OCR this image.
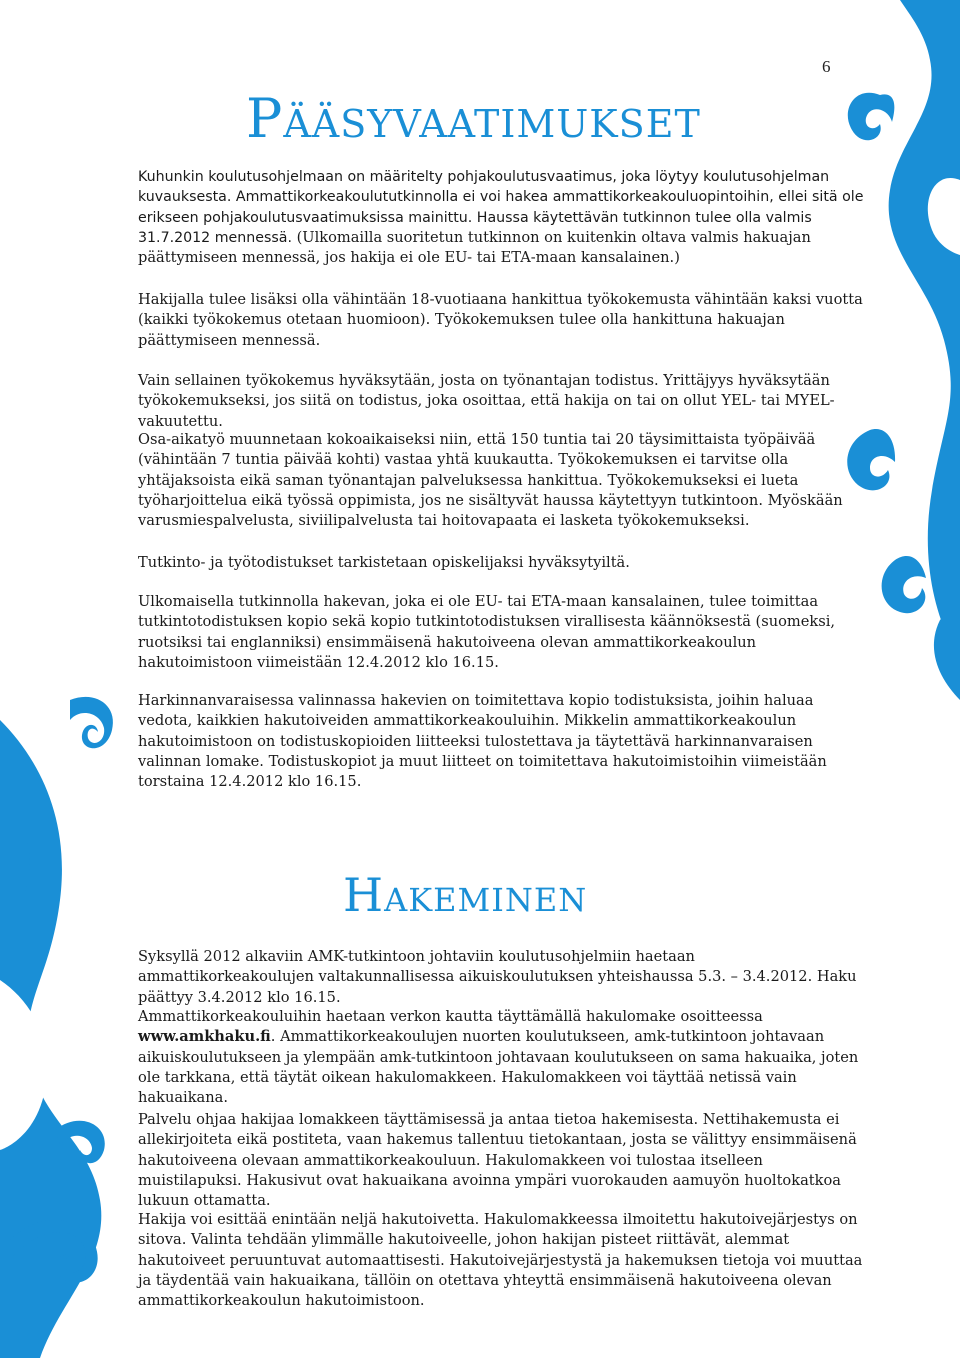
6
Pääsyvaatimukset

Kuhunkin koulutusohjelmaan on määritelty pohjakoulutusvaatimus, joka löytyy koulutusohjelman kuvauksesta. Ammattikorkeakoulututkinnolla ei voi hakea ammattikorkeakouluopintoihin, ellei sitä ole erikseen pohjakoulutusvaatimuksissa mainittu. Haussa käytettävän tutkinnon tulee olla valmis 31.7.2012 mennessä. (Ulkomailla suoritetun tutkinnon on kuitenkin oltava valmis hakuajan päättymiseen mennessä, jos hakija ei ole EU- tai ETA-maan kansalainen.)

Hakijalla tulee lisäksi olla vähintään 18-vuotiaana hankittua työkokemusta vähintään kaksi vuotta (kaikki työkokemus otetaan huomioon). Työkokemuksen tulee olla hankittuna hakuajan päättymiseen mennessä.

Vain sellainen työkokemus hyväksytään, josta on työnantajan todistus. Yrittäjyys hyväksytään työkokemukseksi, jos siitä on todistus, joka osoittaa, että hakija on tai on ollut YEL- tai MYEL-vakuutettu.

Osa-aikatyö muunnetaan kokoaikaiseksi niin, että 150 tuntia tai 20 täysimittaista työpäivää (vähintään 7 tuntia päivää kohti) vastaa yhtä kuukautta. Työkokemuksen ei tarvitse olla yhtäjaksoista eikä saman työnantajan palveluksessa hankittua. Työkokemukseksi ei lueta työharjoittelua eikä työssä oppimista, jos ne sisältyvät haussa käytettyyn tutkintoon. Myöskään varusmiespalvelusta, siviilipalvelusta tai hoitovapaata ei lasketa työkokemukseksi.

Tutkinto- ja työtodistukset tarkistetaan opiskelijaksi hyväksytyiltä.

Ulkomaisella tutkinnolla hakevan, joka ei ole EU- tai ETA-maan kansalainen, tulee toimittaa tutkintotodistuksen kopio sekä kopio tutkintotodistuksen virallisesta käännöksestä (suomeksi, ruotsiksi tai englanniksi) ensimmäisenä hakutoiveena olevan ammattikorkeakoulun hakutoimistoon viimeistään 12.4.2012 klo 16.15.

Harkinnanvaraisessa valinnassa hakevien on toimitettava kopio todistuksista, joihin haluaa vedota, kaikkien hakutoiveiden ammattikorkeakouluihin. Mikkelin ammattikorkeakoulun hakutoimistoon on todistuskopioiden liitteeksi tulostettava ja täytettävä harkinnanvaraisen valinnan lomake. Todistuskopiot ja muut liitteet on toimitettava hakutoimistoihin viimeistään torstaina 12.4.2012 klo 16.15.

Hakeminen

Syksyllä 2012 alkaviin AMK-tutkintoon johtaviin koulutusohjelmiin haetaan ammattikorkeakoulujen valtakunnallisessa aikuiskoulutuksen yhteishaussa 5.3. – 3.4.2012. Haku päättyy 3.4.2012 klo 16.15.

Ammattikorkeakouluihin haetaan verkon kautta täyttämällä hakulomake osoitteessa www.amkhaku.fi. Ammattikorkeakoulujen nuorten koulutukseen, amk-tutkintoon johtavaan aikuiskoulutukseen ja ylempään amk-tutkintoon johtavaan koulutukseen on sama hakuaika, joten ole tarkkana, että täytät oikean hakulomakkeen. Hakulomakkeen voi täyttää netissä vain hakuaikana.

Palvelu ohjaa hakijaa lomakkeen täyttämisessä ja antaa tietoa hakemisesta. Nettihakemusta ei allekirjoiteta eikä postiteta, vaan hakemus tallentuu tietokantaan, josta se välittyy ensimmäisenä hakutoiveena olevaan ammattikorkeakouluun. Hakulomakkeen voi tulostaa itselleen muistilapuksi. Hakusivut ovat hakuaikana avoinna ympäri vuorokauden aamuyön huoltokatkoa lukuun ottamatta.

Hakija voi esittää enintään neljä hakutoivetta. Hakulomakkeessa ilmoitettu hakutoivejärjestys on sitova. Valinta tehdään ylimmälle hakutoiveelle, johon hakijan pisteet riittävät, alemmat hakutoiveet peruuntuvat automaattisesti. Hakutoivejärjestystä ja hakemuksen tietoja voi muuttaa ja täydentää vain hakuaikana, tällöin on otettava yhteyttä ensimmäisenä hakutoiveena olevan ammattikorkeakoulun hakutoimistoon.
